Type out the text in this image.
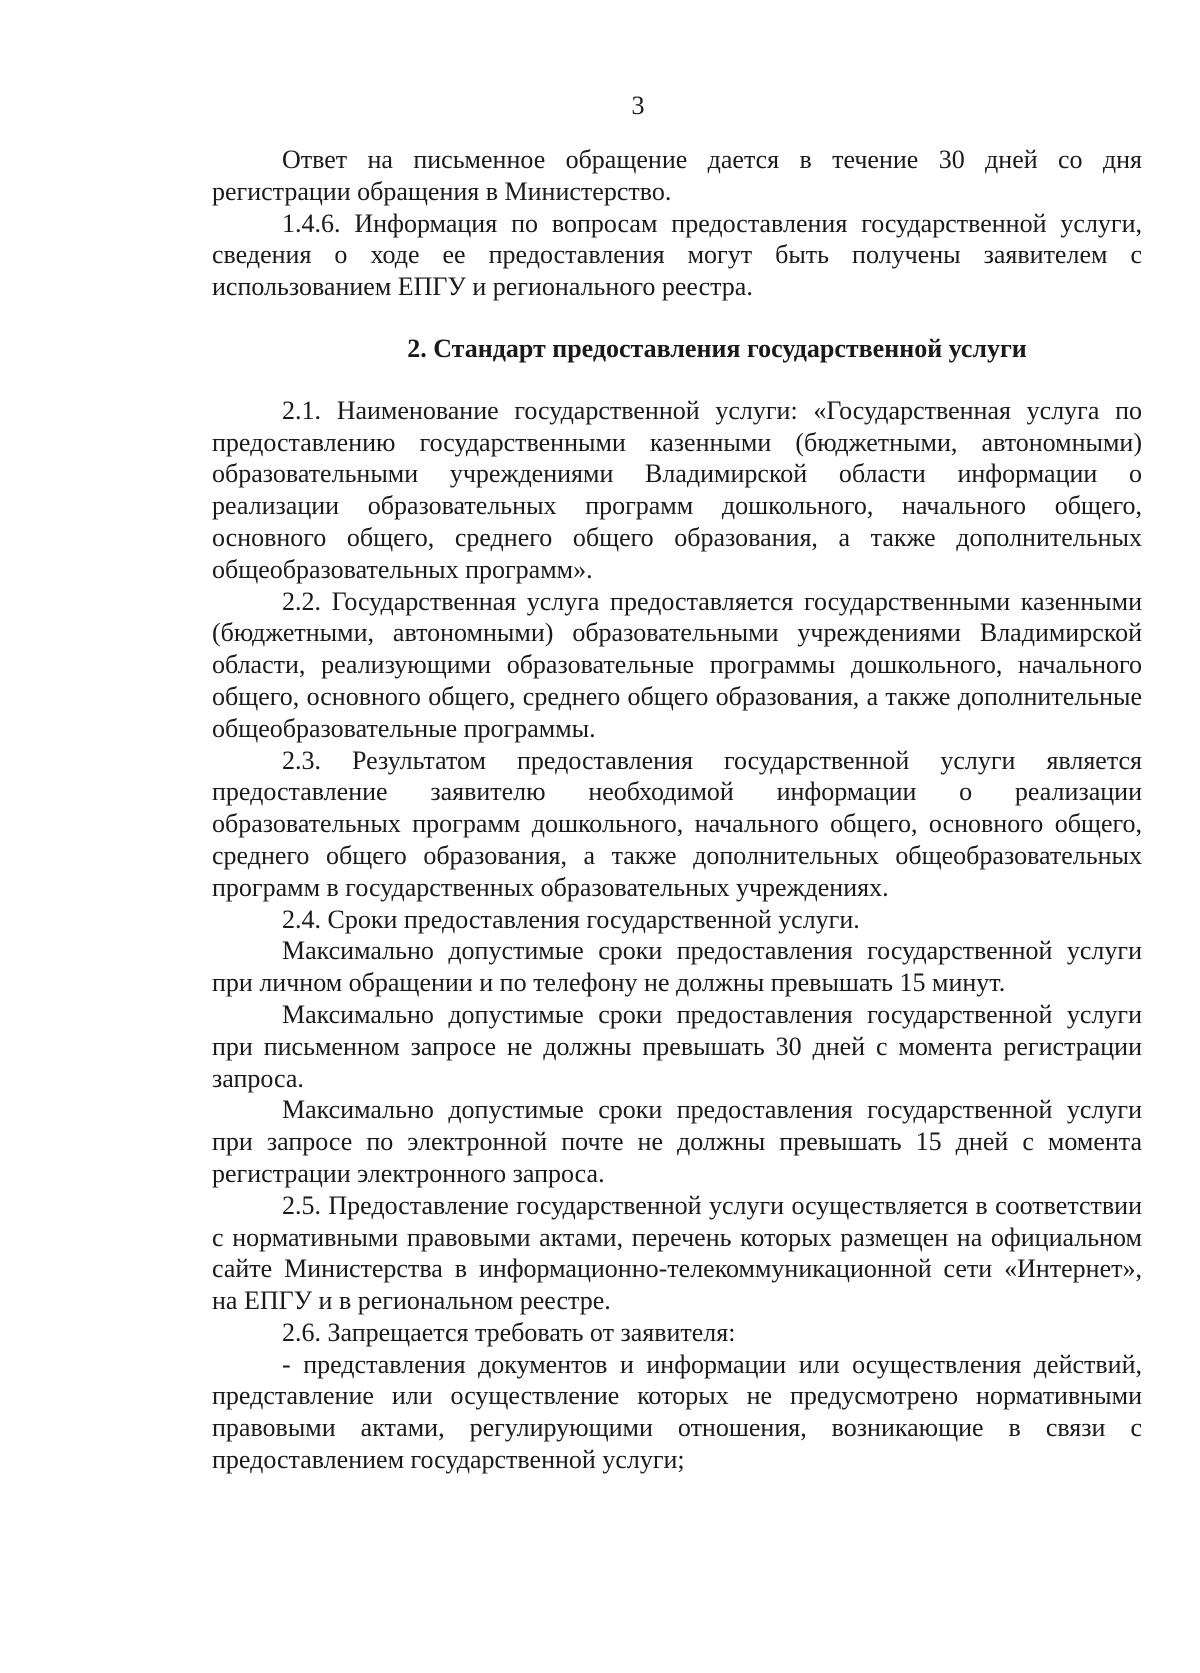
3

Ответ на письменное обращение дается в течение 30 дней со дня регистрации обращения в Министерство.

1.4.6. Информация по вопросам предоставления государственной услуги, сведения о ходе ее предоставления могут быть получены заявителем с использованием ЕПГУ и регионального реестра.

2. Стандарт предоставления государственной услуги

2.1. Наименование государственной услуги: «Государственная услуга по предоставлению государственными казенными (бюджетными, автономными) образовательными учреждениями Владимирской области информации о реализации образовательных программ дошкольного, начального общего, основного общего, среднего общего образования, а также дополнительных общеобразовательных программ».

2.2. Государственная услуга предоставляется государственными казенными (бюджетными, автономными) образовательными учреждениями Владимирской области, реализующими образовательные программы дошкольного, начального общего, основного общего, среднего общего образования, а также дополнительные общеобразовательные программы.

2.3. Результатом предоставления государственной услуги является предоставление заявителю необходимой информации о реализации образовательных программ дошкольного, начального общего, основного общего, среднего общего образования, а также дополнительных общеобразовательных программ в государственных образовательных учреждениях.

2.4. Сроки предоставления государственной услуги.

Максимально допустимые сроки предоставления государственной услуги при личном обращении и по телефону не должны превышать 15 минут.

Максимально допустимые сроки предоставления государственной услуги при письменном запросе не должны превышать 30 дней с момента регистрации запроса.

Максимально допустимые сроки предоставления государственной услуги при запросе по электронной почте не должны превышать 15 дней с момента регистрации электронного запроса.

2.5. Предоставление государственной услуги осуществляется в соответствии с нормативными правовыми актами, перечень которых размещен на официальном сайте Министерства в информационно-телекоммуникационной сети «Интернет», на ЕПГУ и в региональном реестре.

2.6. Запрещается требовать от заявителя:

- представления документов и информации или осуществления действий, представление или осуществление которых не предусмотрено нормативными правовыми актами, регулирующими отношения, возникающие в связи с предоставлением государственной услуги;
